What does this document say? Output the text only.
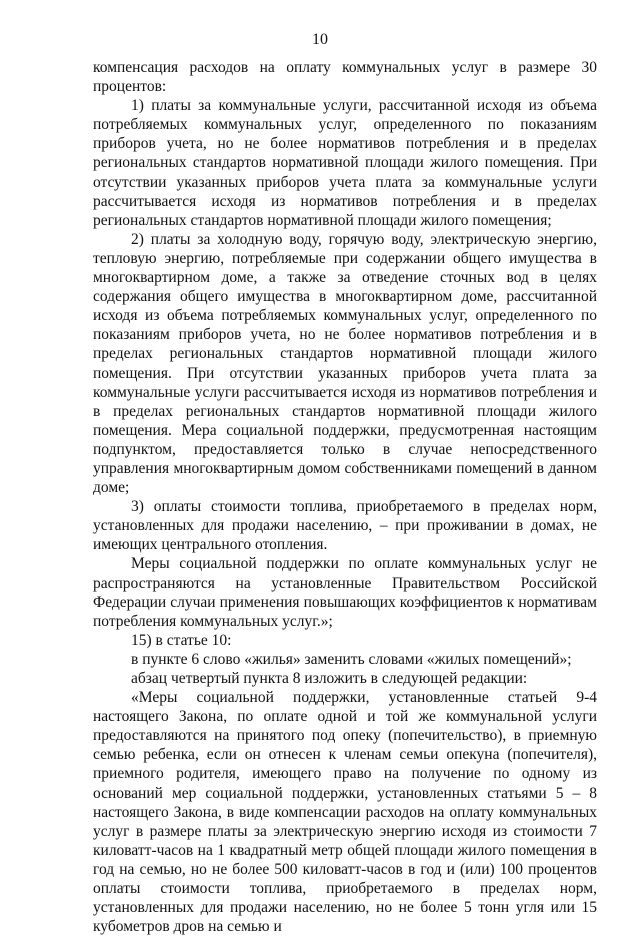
10

компенсация расходов на оплату коммунальных услуг в размере 30 процентов:

1) платы за коммунальные услуги, рассчитанной исходя из объема потребляемых коммунальных услуг, определенного по показаниям приборов учета, но не более нормативов потребления и в пределах региональных стандартов нормативной площади жилого помещения. При отсутствии указанных приборов учета плата за коммунальные услуги рассчитывается исходя из нормативов потребления и в пределах региональных стандартов нормативной площади жилого помещения;

2) платы за холодную воду, горячую воду, электрическую энергию, тепловую энергию, потребляемые при содержании общего имущества в многоквартирном доме, а также за отведение сточных вод в целях содержания общего имущества в многоквартирном доме, рассчитанной исходя из объема потребляемых коммунальных услуг, определенного по показаниям приборов учета, но не более нормативов потребления и в пределах региональных стандартов нормативной площади жилого помещения. При отсутствии указанных приборов учета плата за коммунальные услуги рассчитывается исходя из нормативов потребления и в пределах региональных стандартов нормативной площади жилого помещения. Мера социальной поддержки, предусмотренная настоящим подпунктом, предоставляется только в случае непосредственного управления многоквартирным домом собственниками помещений в данном доме;

3) оплаты стоимости топлива, приобретаемого в пределах норм, установленных для продажи населению, – при проживании в домах, не имеющих центрального отопления.

Меры социальной поддержки по оплате коммунальных услуг не распространяются на установленные Правительством Российской Федерации случаи применения повышающих коэффициентов к нормативам потребления коммунальных услуг.»;

15) в статье 10:

в пункте 6 слово «жилья» заменить словами «жилых помещений»;

абзац четвертый пункта 8 изложить в следующей редакции:

«Меры социальной поддержки, установленные статьей 9-4 настоящего Закона, по оплате одной и той же коммунальной услуги предоставляются на принятого под опеку (попечительство), в приемную семью ребенка, если он отнесен к членам семьи опекуна (попечителя), приемного родителя, имеющего право на получение по одному из оснований мер социальной поддержки, установленных статьями 5 – 8 настоящего Закона, в виде компенсации расходов на оплату коммунальных услуг в размере платы за электрическую энергию исходя из стоимости 7 киловатт-часов на 1 квадратный метр общей площади жилого помещения в год на семью, но не более 500 киловатт-часов в год и (или) 100 процентов оплаты стоимости топлива, приобретаемого в пределах норм, установленных для продажи населению, но не более 5 тонн угля или 15 кубометров дров на семью и
